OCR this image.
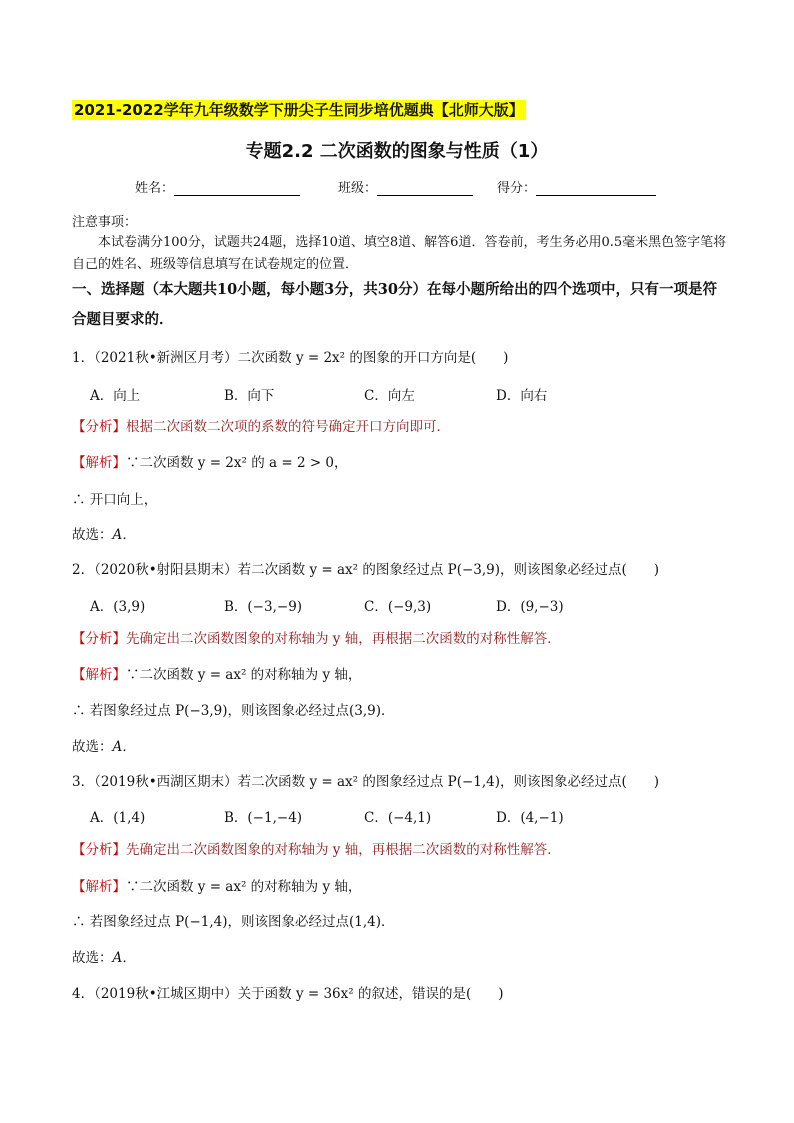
2021-2022学年九年级数学下册尖子生同步培优题典【北师大版】
专题2.2 二次函数的图象与性质（1）
姓名：	班级：	得分：
注意事项：
本试卷满分100分，试题共24题，选择10道、填空8道、解答6道．答卷前，考生务必用0.5毫米黑色签字笔将自己的姓名、班级等信息填写在试卷规定的位置．
一、选择题（本大题共10小题，每小题3分，共30分）在每小题所给出的四个选项中，只有一项是符合题目要求的．
1．（2021秋•新洲区月考）二次函数 y = 2x² 的图象的开口方向是(　　)
A．向上	B．向下	C．向左	D．向右
【分析】根据二次函数二次项的系数的符号确定开口方向即可．
【解析】∵二次函数 y = 2x² 的 a = 2 > 0，
∴ 开口向上，
故选：A．
2．（2020秋•射阳县期末）若二次函数 y = ax² 的图象经过点 P(−3,9)，则该图象必经过点(　　)
A．(3,9)	B．(−3,−9)	C．(−9,3)	D．(9,−3)
【分析】先确定出二次函数图象的对称轴为 y 轴，再根据二次函数的对称性解答．
【解析】∵二次函数 y = ax² 的对称轴为 y 轴，
∴ 若图象经过点 P(−3,9)，则该图象必经过点(3,9)．
故选：A．
3．（2019秋•西湖区期末）若二次函数 y = ax² 的图象经过点 P(−1,4)，则该图象必经过点(　　)
A．(1,4)	B．(−1,−4)	C．(−4,1)	D．(4,−1)
【分析】先确定出二次函数图象的对称轴为 y 轴，再根据二次函数的对称性解答．
【解析】∵二次函数 y = ax² 的对称轴为 y 轴，
∴ 若图象经过点 P(−1,4)，则该图象必经过点(1,4)．
故选：A．
4．（2019秋•江城区期中）关于函数 y = 36x² 的叙述，错误的是(　　)
